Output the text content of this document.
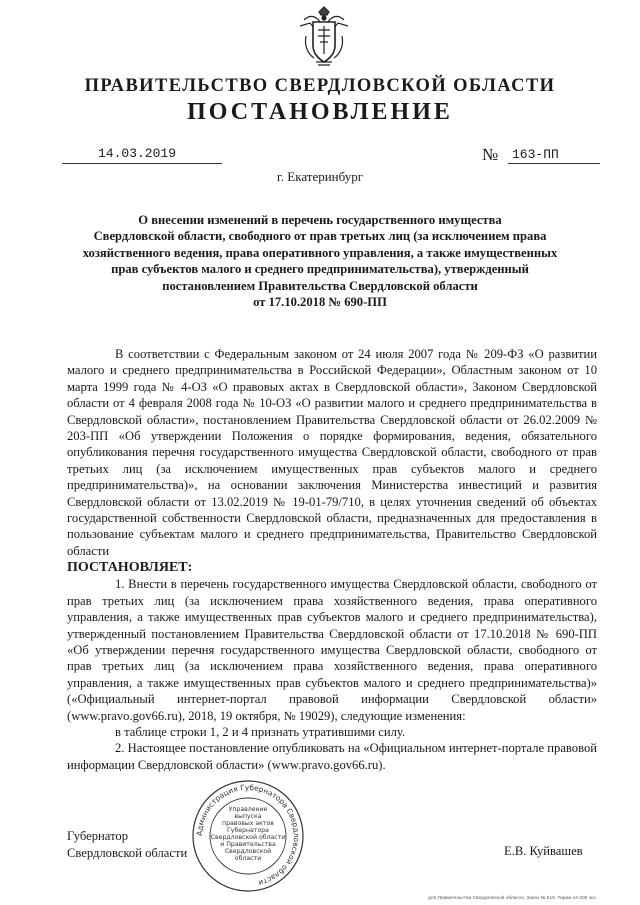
ПРАВИТЕЛЬСТВО СВЕРДЛОВСКОЙ ОБЛАСТИ
ПОСТАНОВЛЕНИЕ
14.03.2019	№	163-ПП
г. Екатеринбург
О внесении изменений в перечень государственного имущества
Свердловской области, свободного от прав третьих лиц (за исключением права
хозяйственного ведения, права оперативного управления, а также имущественных
прав субъектов малого и среднего предпринимательства), утвержденный
постановлением Правительства Свердловской области
от 17.10.2018 № 690-ПП

В соответствии с Федеральным законом от 24 июля 2007 года № 209-ФЗ «О развитии малого и среднего предпринимательства в Российской Федерации», Областным законом от 10 марта 1999 года № 4-ОЗ «О правовых актах в Свердловской области», Законом Свердловской области от 4 февраля 2008 года № 10-ОЗ «О развитии малого и среднего предпринимательства в Свердловской области», постановлением Правительства Свердловской области от 26.02.2009 № 203-ПП «Об утверждении Положения о порядке формирования, ведения, обязательного опубликования перечня государственного имущества Свердловской области, свободного от прав третьих лиц (за исключением имущественных прав субъектов малого и среднего предпринимательства)», на основании заключения Министерства инвестиций и развития Свердловской области от 13.02.2019 № 19-01-79/710, в целях уточнения сведений об объектах государственной собственности Свердловской области, предназначенных для предоставления в пользование субъектам малого и среднего предпринимательства, Правительство Свердловской области

ПОСТАНОВЛЯЕТ:

1. Внести в перечень государственного имущества Свердловской области, свободного от прав третьих лиц (за исключением права хозяйственного ведения, права оперативного управления, а также имущественных прав субъектов малого и среднего предпринимательства), утвержденный постановлением Правительства Свердловской области от 17.10.2018 № 690-ПП «Об утверждении перечня государственного имущества Свердловской области, свободного от прав третьих лиц (за исключением права хозяйственного ведения, права оперативного управления, а также имущественных прав субъектов малого и среднего предпринимательства)» («Официальный интернет-портал правовой информации Свердловской области» (www.pravo.gov66.ru), 2018, 19 октября, № 19029), следующие изменения:

в таблице строки 1, 2 и 4 признать утратившими силу.

2. Настоящее постановление опубликовать на «Официальном интернет-портале правовой информации Свердловской области» (www.pravo.gov66.ru).

Администрация Губернатора Свердловской области
Управление
выпуска
правовых актов
Губернатора
Свердловской области
и Правительства
Свердловской
области
Губернатор
Свердловской области	Е.В. Куйвашев
для Правительства Свердловской области. Заказ № 519. Тираж 14 000 экз.
